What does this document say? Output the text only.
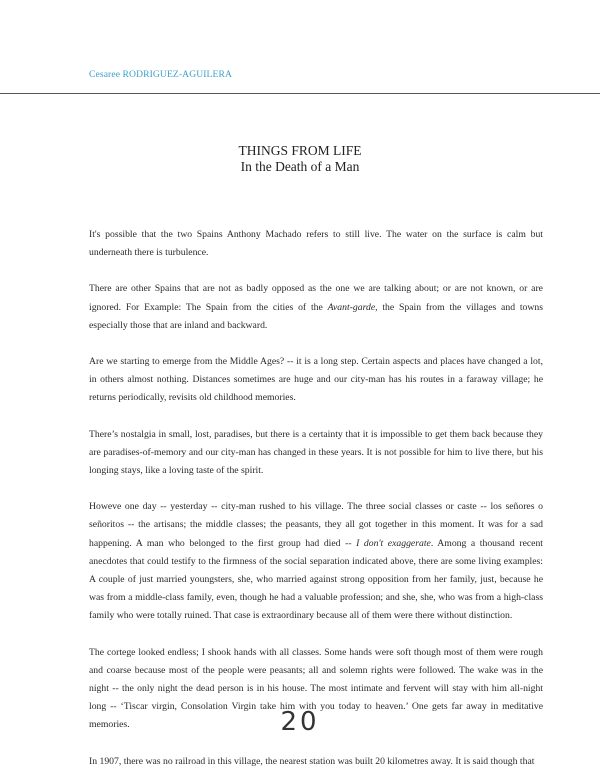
Cesaree RODRIGUEZ-AGUILERA
THINGS FROM LIFE
In the Death of a Man

It's possible that the two Spains Anthony Machado refers to still live. The water on the surface is calm but underneath there is turbulence.

There are other Spains that are not as badly opposed as the one we are talking about; or are not known, or are ignored. For Example: The Spain from the cities of the Avant-garde, the Spain from the villages and towns especially those that are inland and backward.

Are we starting to emerge from the Middle Ages? -- it is a long step. Certain aspects and places have changed a lot, in others almost nothing. Distances sometimes are huge and our city-man has his routes in a faraway village; he returns periodically, revisits old childhood memories.

There’s nostalgia in small, lost, paradises, but there is a certainty that it is impossible to get them back because they are paradises-of-memory and our city-man has changed in these years. It is not possible for him to live there, but his longing stays, like a loving taste of the spirit.

Howeve one day -- yesterday -- city-man rushed to his village. The three social classes or caste -- los señores o señoritos -- the artisans; the middle classes; the peasants, they all got together in this moment. It was for a sad happening. A man who belonged to the first group had died -- I don't exaggerate. Among a thousand recent anecdotes that could testify to the firmness of the social separation indicated above, there are some living examples: A couple of just married youngsters, she, who married against strong opposition from her family, just, because he was from a middle-class family, even, though he had a valuable profession; and she, she, who was from a high-class family who were totally ruined. That case is extraordinary because all of them were there without distinction.

The cortege looked endless; I shook hands with all classes. Some hands were soft though most of them were rough and coarse because most of the people were peasants; all and solemn rights were followed. The wake was in the night -- the only night the dead person is in his house. The most intimate and fervent will stay with him all-night long -- ‘Tiscar virgin, Consolation Virgin take him with you today to heaven.’ One gets far away in meditative memories.

In 1907, there was no railroad in this village, the nearest station was built 20 kilometres away. It is said though that

20
